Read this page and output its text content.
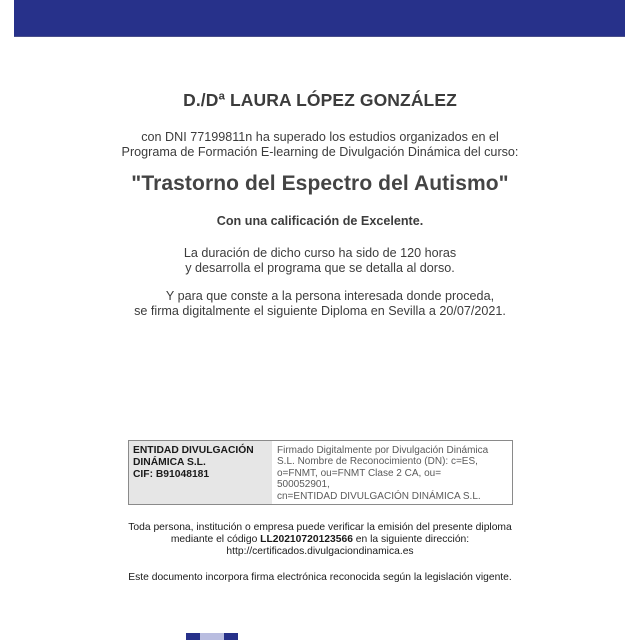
D./Dª LAURA LÓPEZ GONZÁLEZ
con DNI 77199811n ha superado los estudios organizados en el
Programa de Formación E-learning de Divulgación Dinámica del curso:
"Trastorno del Espectro del Autismo"
Con una calificación de Excelente.
La duración de dicho curso ha sido de 120 horas
y desarrolla el programa que se detalla al dorso.
Y para que conste a la persona interesada donde proceda,
se firma digitalmente el siguiente Diploma en Sevilla a 20/07/2021.
ENTIDAD DIVULGACIÓN
DINÁMICA S.L.
CIF: B91048181
Firmado Digitalmente por Divulgación Dinámica
S.L. Nombre de Reconocimiento (DN): c=ES,
o=FNMT, ou=FNMT Clase 2 CA, ou=
500052901,
cn=ENTIDAD DIVULGACIÓN DINÁMICA S.L.
Toda persona, institución o empresa puede verificar la emisión del presente diploma
mediante el código LL20210720123566 en la siguiente dirección:
http://certificados.divulgaciondinamica.es
Este documento incorpora firma electrónica reconocida según la legislación vigente.
